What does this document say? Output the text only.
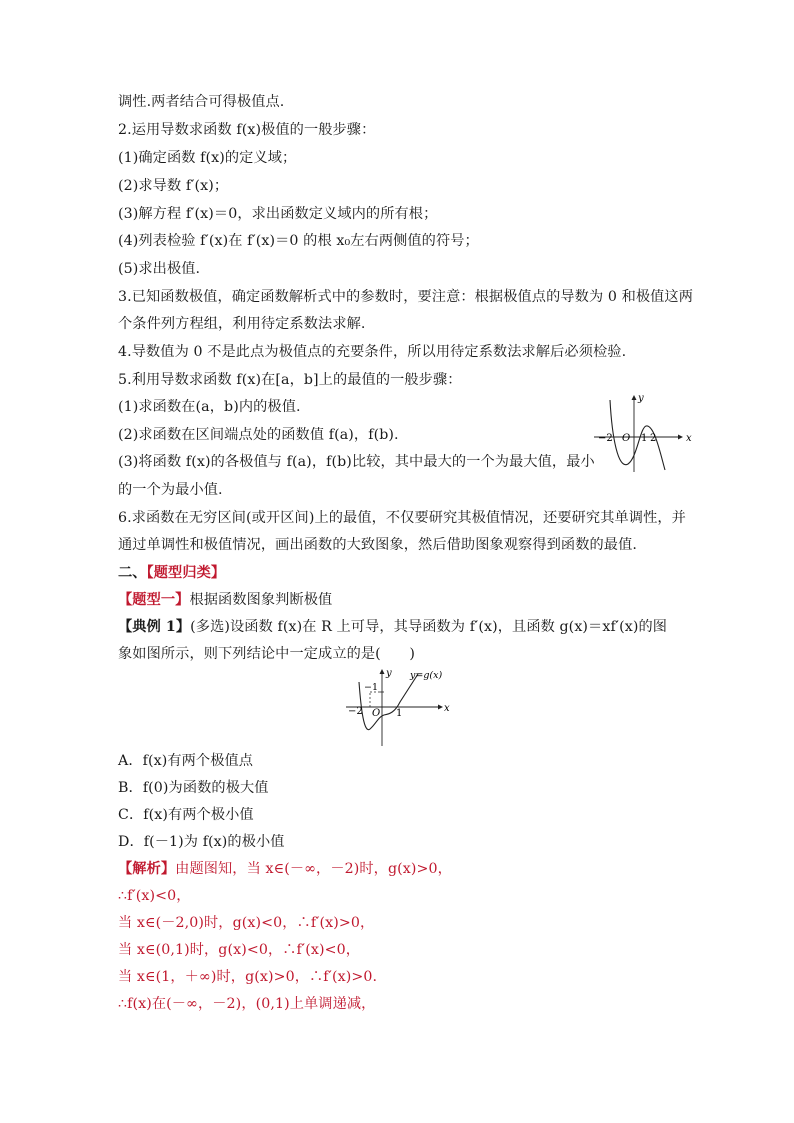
调性.两者结合可得极值点.
2.运用导数求函数 f(x)极值的一般步骤：
(1)确定函数 f(x)的定义域；
(2)求导数 f′(x)；
(3)解方程 f′(x)＝0，求出函数定义域内的所有根；
(4)列表检验 f′(x)在 f′(x)＝0 的根 x₀左右两侧值的符号；
(5)求出极值.
3.已知函数极值，确定函数解析式中的参数时，要注意：根据极值点的导数为 0 和极值这两
个条件列方程组，利用待定系数法求解.
4.导数值为 0 不是此点为极值点的充要条件，所以用待定系数法求解后必须检验.
5.利用导数求函数 f(x)在[a，b]上的最值的一般步骤：
(1)求函数在(a，b)内的极值.
(2)求函数在区间端点处的函数值 f(a)，f(b).
(3)将函数 f(x)的各极值与 f(a)，f(b)比较，其中最大的一个为最大值，最小
的一个为最小值.
6.求函数在无穷区间(或开区间)上的最值，不仅要研究其极值情况，还要研究其单调性，并
通过单调性和极值情况，画出函数的大致图象，然后借助图象观察得到函数的最值.
x
y
−2 O 1 2
二、【题型归类】
【题型一】根据函数图象判断极值
【典例 1】(多选)设函数 f(x)在 R 上可导，其导函数为 f′(x)，且函数 g(x)＝xf′(x)的图
象如图所示，则下列结论中一定成立的是(　　)
y=g(x)
x
y
−2 O 1
−1
A．f(x)有两个极值点
B．f(0)为函数的极大值
C．f(x)有两个极小值
D．f(－1)为 f(x)的极小值
【解析】由题图知，当 x∈(－∞，－2)时，g(x)>0，
∴f′(x)<0，
当 x∈(－2,0)时，g(x)<0，∴f′(x)>0，
当 x∈(0,1)时，g(x)<0，∴f′(x)<0，
当 x∈(1，＋∞)时，g(x)>0，∴f′(x)>0.
∴f(x)在(－∞，－2)，(0,1)上单调递减，
